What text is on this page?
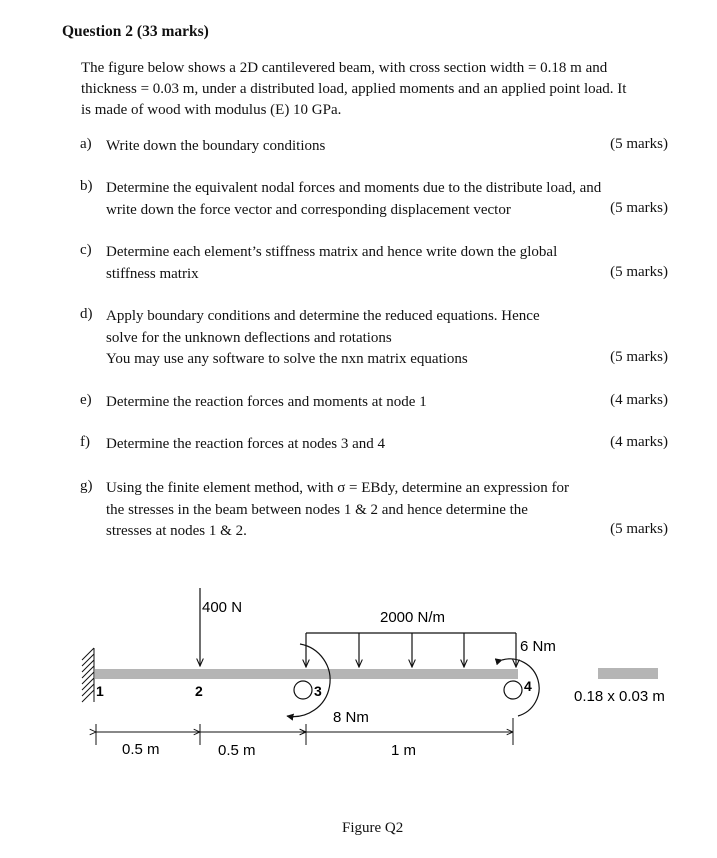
Question 2 (33 marks)
The figure below shows a 2D cantilevered beam, with cross section width = 0.18 m and
thickness = 0.03 m, under a distributed load, applied moments and an applied point load. It
is made of wood with modulus (E) 10 GPa.
a) Write down the boundary conditions	(5 marks)
b) Determine the equivalent nodal forces and moments due to the distribute load, and
write down the force vector and corresponding displacement vector	(5 marks)
c) Determine each element’s stiffness matrix and hence write down the global
stiffness matrix	(5 marks)
d) Apply boundary conditions and determine the reduced equations. Hence
solve for the unknown deflections and rotations
You may use any software to solve the nxn matrix equations	(5 marks)
e) Determine the reaction forces and moments at node 1	(4 marks)
f) Determine the reaction forces at nodes 3 and 4	(4 marks)
g) Using the finite element method, with σ = EBdy, determine an expression for
the stresses in the beam between nodes 1 & 2 and hence determine the
stresses at nodes 1 & 2.	(5 marks)
400 N
2000 N/m
1	2	3
8 Nm
4
6 Nm
0.18 x 0.03 m
0.5 m	0.5 m	1 m
Figure Q2
